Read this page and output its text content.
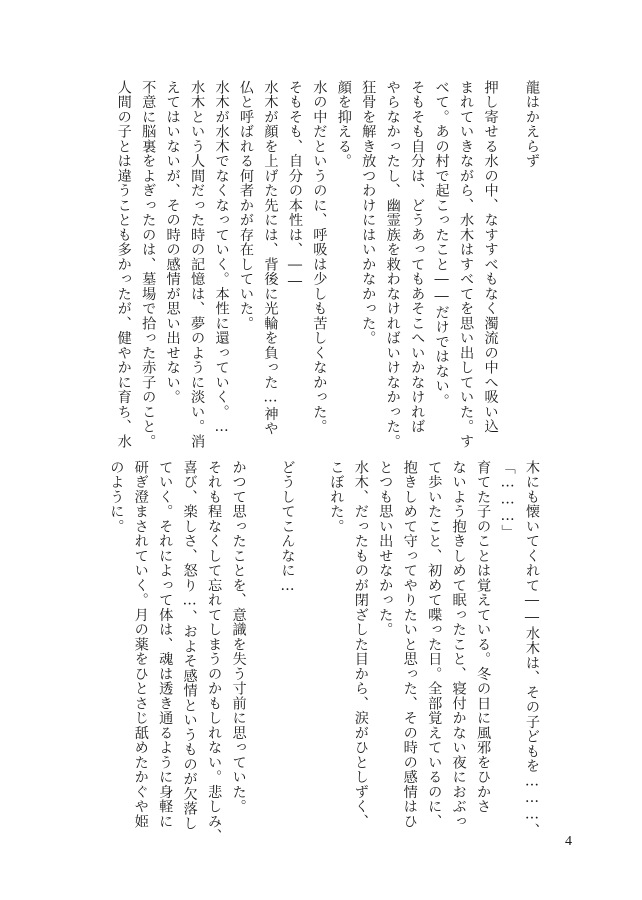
龍はかえらず
押し寄せる水の中、なすすべもなく濁流の中へ吸い込
まれていきながら、水木はすべてを思い出していた。す
べて。あの村で起こったこと――だけではない。
そもそも自分は、どうあってもあそこへいかなければ
やらなかったし、幽霊族を救わなければいけなかった。
狂骨を解き放つわけにはいかなかった。
顔を抑える。
水の中だというのに、呼吸は少しも苦しくなかった。
そもそも、自分の本性は、――
水木が顔を上げた先には、背後に光輪を負った…神や
仏と呼ばれる何者かが存在していた。
水木が水木でなくなっていく。本性に還っていく。…
水木という人間だった時の記憶は、夢のように淡い。消
えてはいないが、その時の感情が思い出せない。
不意に脳裏をよぎったのは、墓場で拾った赤子のこと。
人間の子とは違うことも多かったが、健やかに育ち、水
木にも懐いてくれて――水木は、その子どもを………、
「………」
育てた子のことは覚えている。冬の日に風邪をひかさ
ないよう抱きしめて眠ったこと、寝付かない夜におぶっ
て歩いたこと、初めて喋った日。全部覚えているのに、
抱きしめて守ってやりたいと思った、その時の感情はひ
とつも思い出せなかった。
水木、だったものが閉ざした目から、涙がひとしずく、
こぼれた。
どうしてこんなに…
かつて思ったことを、意識を失う寸前に思っていた。
それも程なくして忘れてしまうのかもしれない。悲しみ、
喜び、楽しさ、怒り…、およそ感情というものが欠落し
ていく。それによって体は、魂は透き通るように身軽に
研ぎ澄まされていく。月の薬をひとさじ舐めたかぐや姫
のように。
4
